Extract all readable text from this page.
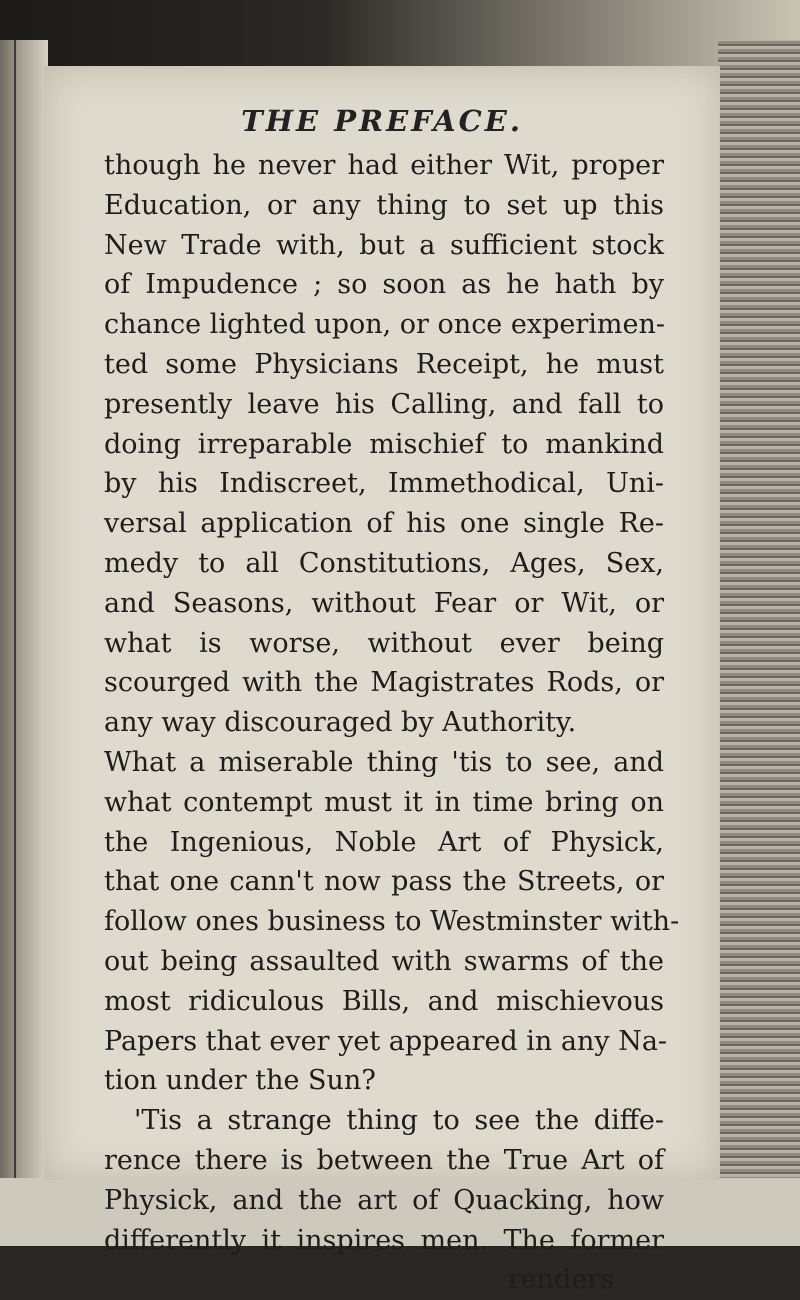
THE PREFACE.
though he never had either Wit, proper
Education, or any thing to set up this
New Trade with, but a sufficient stock
of Impudence ; so soon as he hath by
chance lighted upon, or once experimen-
ted some Physicians Receipt, he must
presently leave his Calling, and fall to
doing irreparable mischief to mankind
by his Indiscreet, Immethodical, Uni-
versal application of his one single Re-
medy to all Constitutions, Ages, Sex,
and Seasons, without Fear or Wit, or
what is worse, without ever being
scourged with the Magistrates Rods, or
any way discouraged by Authority.
What a miserable thing 'tis to see, and
what contempt must it in time bring on
the Ingenious, Noble Art of Physick,
that one cann't now pass the Streets, or
follow ones business to Westminster with-
out being assaulted with swarms of the
most ridiculous Bills, and mischievous
Papers that ever yet appeared in any Na-
tion under the Sun?
'Tis a strange thing to see the diffe-
rence there is between the True Art of
Physick, and the art of Quacking, how
differently it inspires men. The former
renders
